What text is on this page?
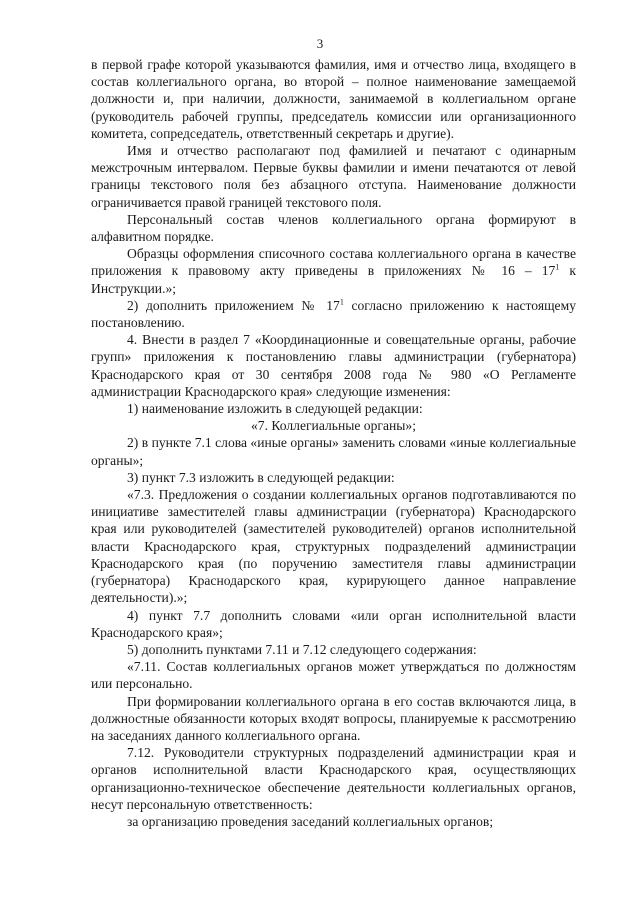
3

в первой графе которой указываются фамилия, имя и отчество лица, входящего в состав коллегиального органа, во второй – полное наименование замещаемой должности и, при наличии, должности, занимаемой в коллегиальном органе (руководитель рабочей группы, председатель комиссии или организационного комитета, сопредседатель, ответственный секретарь и другие).

Имя и отчество располагают под фамилией и печатают с одинарным межстрочным интервалом. Первые буквы фамилии и имени печатаются от левой границы текстового поля без абзацного отступа. Наименование должности ограничивается правой границей текстового поля.

Персональный состав членов коллегиального органа формируют в алфавитном порядке.

Образцы оформления списочного состава коллегиального органа в качестве приложения к правовому акту приведены в приложениях № $16 - 17^1$ к Инструкции.»;

2) дополнить приложением № $17^1$ согласно приложению к настоящему постановлению.

4. Внести в раздел 7 «Координационные и совещательные органы, рабочие групп» приложения к постановлению главы администрации (губернатора) Краснодарского края от 30 сентября 2008 года № 980 «О Регламенте администрации Краснодарского края» следующие изменения:

1) наименование изложить в следующей редакции:

«7. Коллегиальные органы»;

2) в пункте 7.1 слова «иные органы» заменить словами «иные коллегиальные органы»;

3) пункт 7.3 изложить в следующей редакции:

«7.3. Предложения о создании коллегиальных органов подготавливаются по инициативе заместителей главы администрации (губернатора) Краснодарского края или руководителей (заместителей руководителей) органов исполнительной власти Краснодарского края, структурных подразделений администрации Краснодарского края (по поручению заместителя главы администрации (губернатора) Краснодарского края, курирующего данное направление деятельности).»;

4) пункт 7.7 дополнить словами «или орган исполнительной власти Краснодарского края»;

5) дополнить пунктами 7.11 и 7.12 следующего содержания:

«7.11. Состав коллегиальных органов может утверждаться по должностям или персонально.

При формировании коллегиального органа в его состав включаются лица, в должностные обязанности которых входят вопросы, планируемые к рассмотрению на заседаниях данного коллегиального органа.

7.12. Руководители структурных подразделений администрации края и органов исполнительной власти Краснодарского края, осуществляющих организационно-техническое обеспечение деятельности коллегиальных органов, несут персональную ответственность:

за организацию проведения заседаний коллегиальных органов;
